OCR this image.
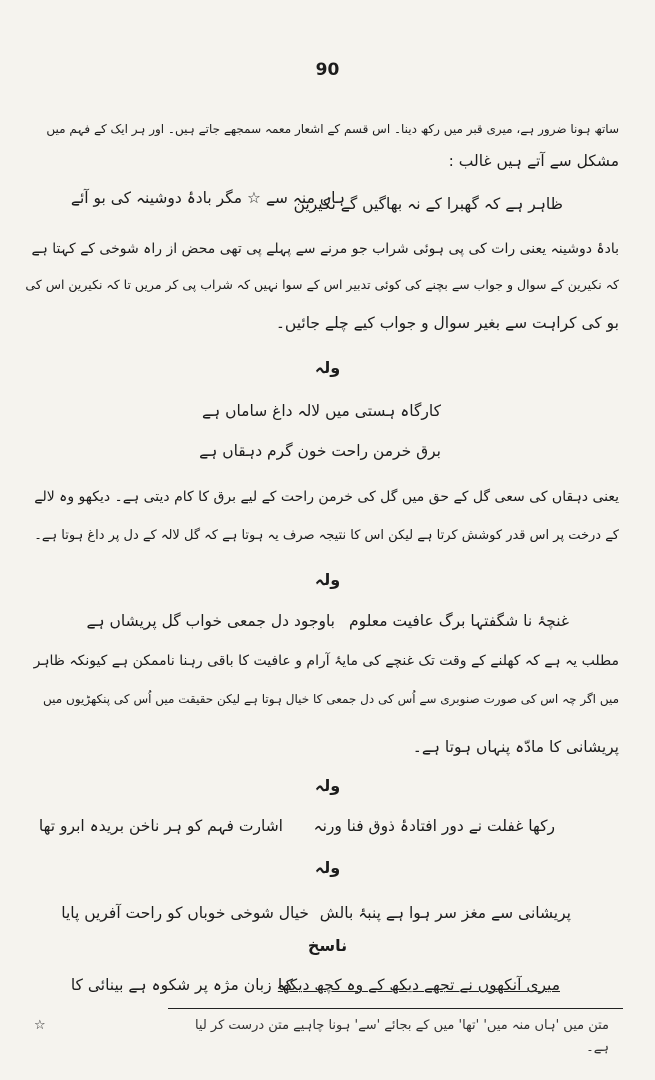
90
ساتھ ہونا ضرور ہے، میری قبر میں رکھ دینا۔ اس قسم کے اشعار معمہ سمجھے جاتے ہیں۔ اور ہر ایک کے فہم میں
مشکل سے آتے ہیں غالب :
ظاہر ہے کہ گھبرا کے نہ بھاگیں گے نکیرین
ہاں منہ سے ☆ مگر بادۂ دوشینہ کی بو آئے
بادۂ دوشینہ یعنی رات کی پی ہوئی شراب جو مرنے سے پہلے پی تھی محض از راہ شوخی کے کہتا ہے
کہ نکیرین کے سوال و جواب سے بچنے کی کوئی تدبیر اس کے سوا نہیں کہ شراب پی کر مریں تا کہ نکیرین اس کی
بو کی کراہت سے بغیر سوال و جواب کیے چلے جائیں۔
ولہ
کارگاہ ہستی میں لالہ داغ ساماں ہے
برق خرمن راحت خون گرم دہقاں ہے
یعنی دہقاں کی سعی گل کے حق میں گل کی خرمن راحت کے لیے برق کا کام دیتی ہے۔ دیکھو وہ لالے
کے درخت پر اس قدر کوشش کرتا ہے لیکن اس کا نتیجہ صرف یہ ہوتا ہے کہ گل لالہ کے دل پر داغ ہوتا ہے۔
ولہ
غنچۂ نا شگفتہا برگ عافیت معلوم
باوجود دل جمعی خواب گل پریشاں ہے
مطلب یہ ہے کہ کھلنے کے وقت تک غنچے کی مایۂ آرام و عافیت کا باقی رہنا ناممکن ہے کیونکہ ظاہر
میں اگر چہ اس کی صورت صنوبری سے اُس کی دل جمعی کا خیال ہوتا ہے لیکن حقیقت میں اُس کی پنکھڑیوں میں
پریشانی کا مادّہ پنہاں ہوتا ہے۔
ولہ
رکھا غفلت نے دور افتادۂ ذوق فنا ورنہ
اشارت فہم کو ہر ناخن بریدہ ابرو تھا
ولہ
پریشانی سے مغز سر ہوا ہے پنبۂ بالش
خیال شوخی خوباں کو راحت آفریں پایا
ناسخ
میری آنکھوں نے تجھے دیکھ کے وہ کچھ دیکھا
کہ زبان مژہ پر شکوہ ہے بینائی کا
☆	متن میں 'ہاں منہ میں' 'تھا' میں کے بجائے 'سے' ہونا چاہیے متن درست کر لیا
ہے۔
